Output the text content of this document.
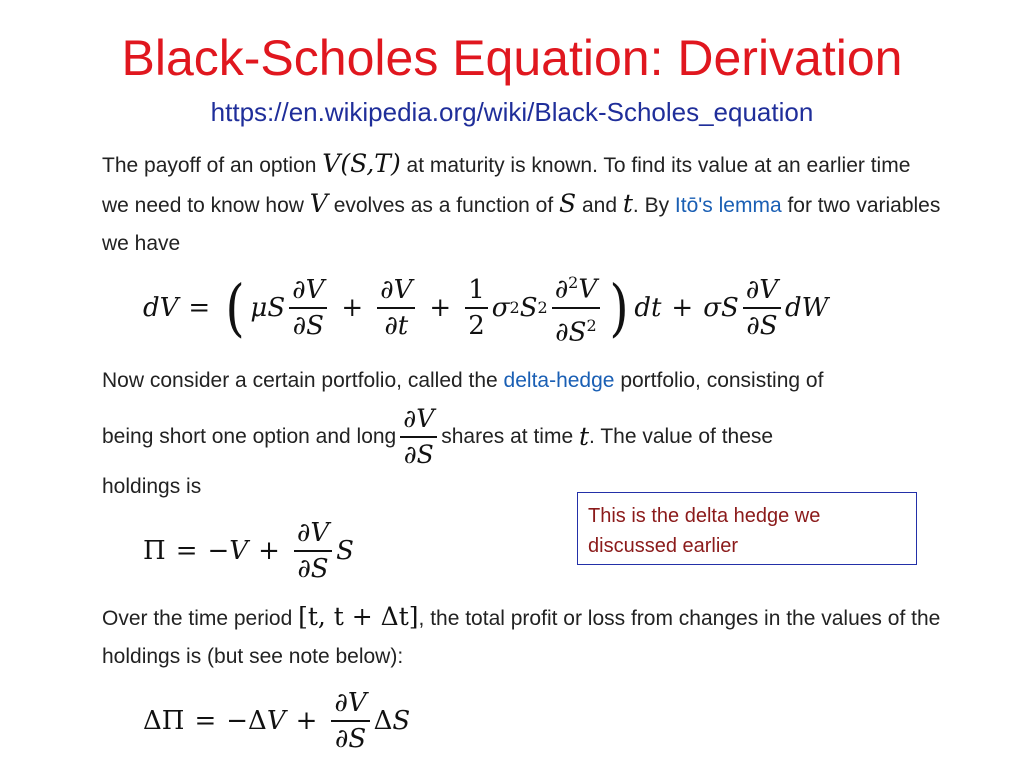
Black-Scholes Equation: Derivation
https://en.wikipedia.org/wiki/Black-Scholes_equation
The payoff of an option V(S,T) at maturity is known. To find its value at an earlier time we need to know how V evolves as a function of S and t. By Itō's lemma for two variables we have
dV = ( μS $\frac{\partial V}{\partial S} + \frac{\partial V}{\partial t} + \frac{1}{2}$ σ 2 S $2 \frac{\partial^2V}{\partial S^2}$ ) dt + σS $\frac{\partial V}{\partial S}$ dW
Now consider a certain portfolio, called the delta-hedge portfolio, consisting of
being short one option and long $\frac{\partial V}{\partial S}$ shares at time
t . The value of these
holdings is
Π = − $V + \frac{\partial V}{\partial S}$ S
This is the delta hedge we discussed earlier
Over the time period [t, t + Δt], the total profit or loss from changes in the values of the holdings is (but see note below):
ΔΠ = −Δ $V + \frac{\partial V}{\partial S}$ Δ S
